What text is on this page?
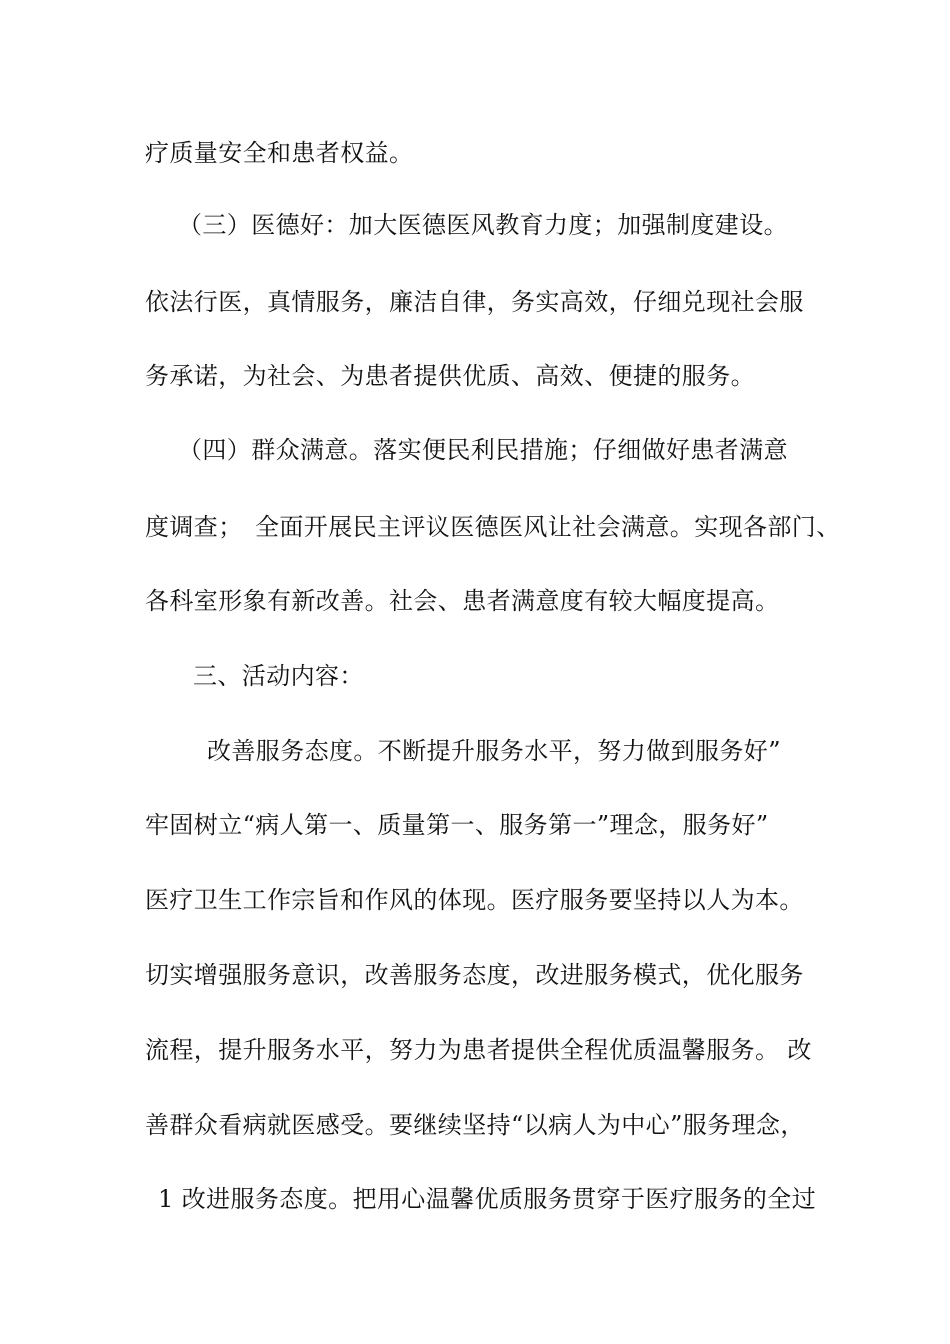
疗质量安全和患者权益。
（三）医德好：加大医德医风教育力度；加强制度建设。
依法行医，真情服务，廉洁自律，务实高效，仔细兑现社会服
务承诺，为社会、为患者提供优质、高效、便捷的服务。
（四）群众满意。落实便民利民措施；仔细做好患者满意
度调查；　全面开展民主评议医德医风让社会满意。实现各部门、
各科室形象有新改善。社会、患者满意度有较大幅度提高。
三、活动内容：
改善服务态度。不断提升服务水平，努力做到服务好”
牢固树立“病人第一、质量第一、服务第一”理念，服务好”
医疗卫生工作宗旨和作风的体现。医疗服务要坚持以人为本。
切实增强服务意识，改善服务态度，改进服务模式，优化服务
流程，提升服务水平，努力为患者提供全程优质温馨服务。 改
善群众看病就医感受。要继续坚持“以病人为中心”服务理念，
1 改进服务态度。把用心温馨优质服务贯穿于医疗服务的全过
